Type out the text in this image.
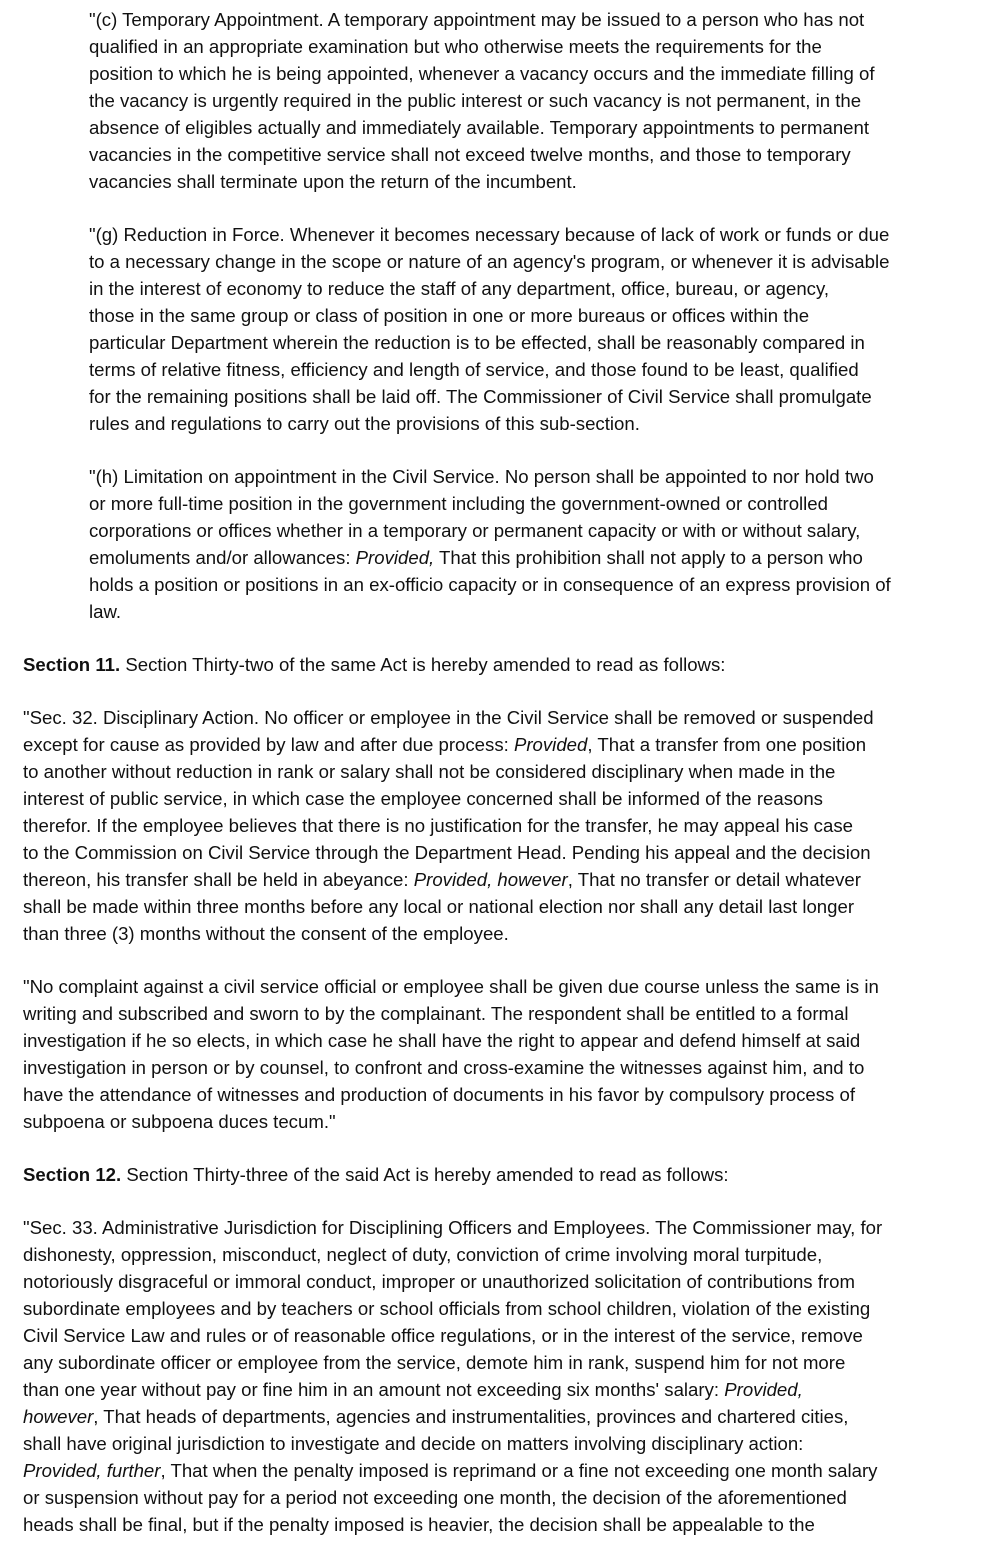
"(c) Temporary Appointment. A temporary appointment may be issued to a person who has not
qualified in an appropriate examination but who otherwise meets the requirements for the
position to which he is being appointed, whenever a vacancy occurs and the immediate filling of
the vacancy is urgently required in the public interest or such vacancy is not permanent, in the
absence of eligibles actually and immediately available. Temporary appointments to permanent
vacancies in the competitive service shall not exceed twelve months, and those to temporary
vacancies shall terminate upon the return of the incumbent.

"(g) Reduction in Force. Whenever it becomes necessary because of lack of work or funds or due
to a necessary change in the scope or nature of an agency's program, or whenever it is advisable
in the interest of economy to reduce the staff of any department, office, bureau, or agency,
those in the same group or class of position in one or more bureaus or offices within the
particular Department wherein the reduction is to be effected, shall be reasonably compared in
terms of relative fitness, efficiency and length of service, and those found to be least, qualified
for the remaining positions shall be laid off. The Commissioner of Civil Service shall promulgate
rules and regulations to carry out the provisions of this sub-section.

"(h) Limitation on appointment in the Civil Service. No person shall be appointed to nor hold two
or more full-time position in the government including the government-owned or controlled
corporations or offices whether in a temporary or permanent capacity or with or without salary,
emoluments and/or allowances: Provided, That this prohibition shall not apply to a person who
holds a position or positions in an ex-officio capacity or in consequence of an express provision of
law.

Section 11. Section Thirty-two of the same Act is hereby amended to read as follows:

"Sec. 32. Disciplinary Action. No officer or employee in the Civil Service shall be removed or suspended
except for cause as provided by law and after due process: Provided, That a transfer from one position
to another without reduction in rank or salary shall not be considered disciplinary when made in the
interest of public service, in which case the employee concerned shall be informed of the reasons
therefor. If the employee believes that there is no justification for the transfer, he may appeal his case
to the Commission on Civil Service through the Department Head. Pending his appeal and the decision
thereon, his transfer shall be held in abeyance: Provided, however, That no transfer or detail whatever
shall be made within three months before any local or national election nor shall any detail last longer
than three (3) months without the consent of the employee.

"No complaint against a civil service official or employee shall be given due course unless the same is in
writing and subscribed and sworn to by the complainant. The respondent shall be entitled to a formal
investigation if he so elects, in which case he shall have the right to appear and defend himself at said
investigation in person or by counsel, to confront and cross-examine the witnesses against him, and to
have the attendance of witnesses and production of documents in his favor by compulsory process of
subpoena or subpoena duces tecum."

Section 12. Section Thirty-three of the said Act is hereby amended to read as follows:

"Sec. 33. Administrative Jurisdiction for Disciplining Officers and Employees. The Commissioner may, for
dishonesty, oppression, misconduct, neglect of duty, conviction of crime involving moral turpitude,
notoriously disgraceful or immoral conduct, improper or unauthorized solicitation of contributions from
subordinate employees and by teachers or school officials from school children, violation of the existing
Civil Service Law and rules or of reasonable office regulations, or in the interest of the service, remove
any subordinate officer or employee from the service, demote him in rank, suspend him for not more
than one year without pay or fine him in an amount not exceeding six months' salary: Provided,
however, That heads of departments, agencies and instrumentalities, provinces and chartered cities,
shall have original jurisdiction to investigate and decide on matters involving disciplinary action:
Provided, further, That when the penalty imposed is reprimand or a fine not exceeding one month salary
or suspension without pay for a period not exceeding one month, the decision of the aforementioned
heads shall be final, but if the penalty imposed is heavier, the decision shall be appealable to the
